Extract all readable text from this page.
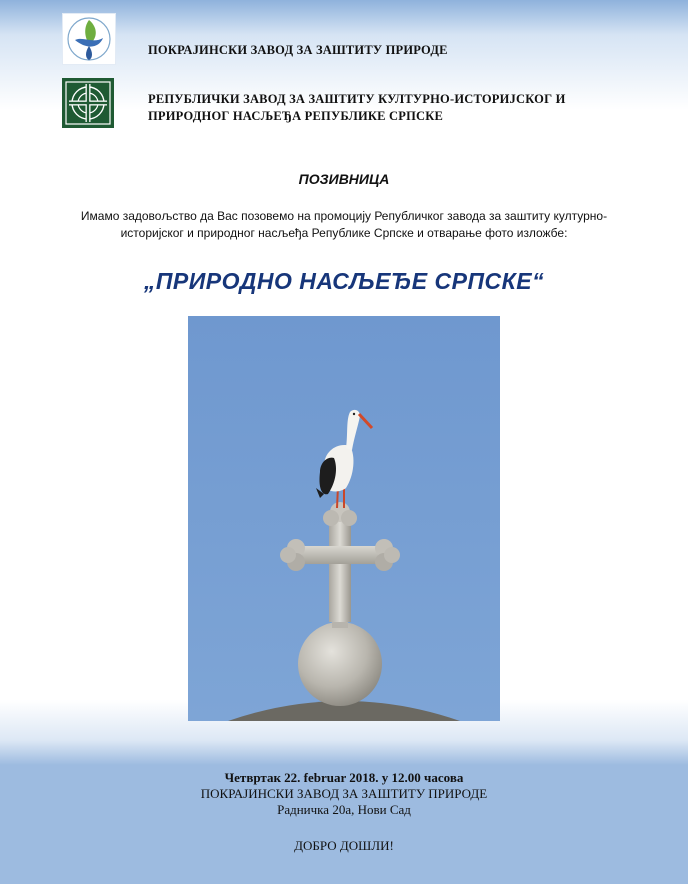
ПОКРАЈИНСКИ ЗАВОД ЗА ЗАШТИТУ ПРИРОДЕ
РЕПУБЛИЧКИ ЗАВОД ЗА ЗАШТИТУ КУЛТУРНО-ИСТОРИЈСКОГ И
ПРИРОДНОГ НАСЉЕЂА РЕПУБЛИКЕ СРПСКЕ
ПОЗИВНИЦА
Имамо задовољство да Вас позовемо на промоцију Републичког завода за заштиту културно-
историјског и природног насљеђа Републике Српске и отварање фото изложбе:
„ПРИРОДНО НАСЉЕЂЕ СРПСКЕ“
Четвртак 22. februar 2018. у 12.00 часова
ПОКРАЈИНСКИ ЗАВОД ЗА ЗАШТИТУ ПРИРОДЕ
Радничка 20а, Нови Сад
ДОБРО ДОШЛИ!
